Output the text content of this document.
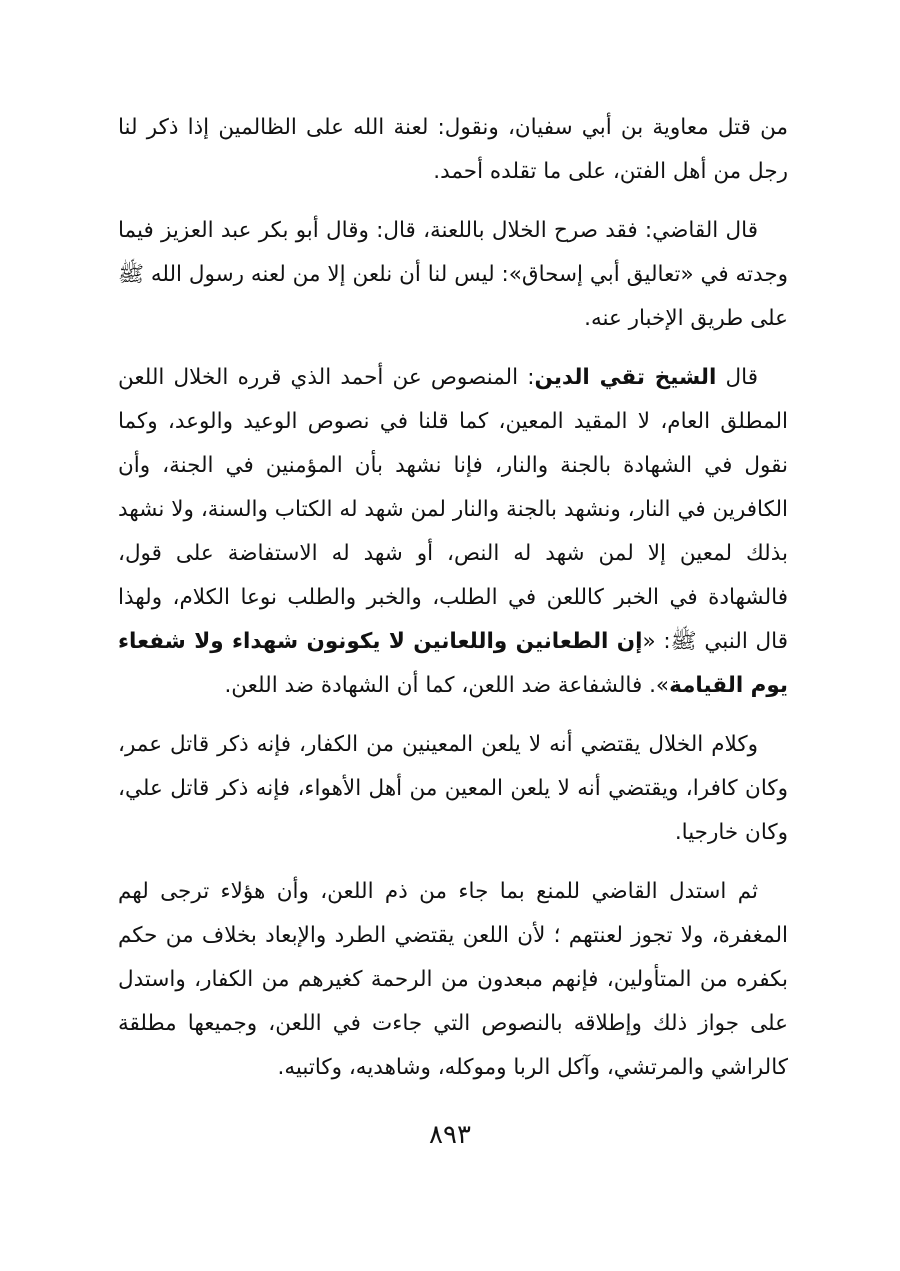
من قتل معاوية بن أبي سفيان، ونقول: لعنة الله على الظالمين إذا ذكر لنا رجل من أهل الفتن، على ما تقلده أحمد.

قال القاضي: فقد صرح الخلال باللعنة، قال: وقال أبو بكر عبد العزيز فيما وجدته في «تعاليق أبي إسحاق»: ليس لنا أن نلعن إلا من لعنه رسول الله ﷺ على طريق الإخبار عنه.

قال الشيخ تقي الدين: المنصوص عن أحمد الذي قرره الخلال اللعن المطلق العام، لا المقيد المعين، كما قلنا في نصوص الوعيد والوعد، وكما نقول في الشهادة بالجنة والنار، فإنا نشهد بأن المؤمنين في الجنة، وأن الكافرين في النار، ونشهد بالجنة والنار لمن شهد له الكتاب والسنة، ولا نشهد بذلك لمعين إلا لمن شهد له النص، أو شهد له الاستفاضة على قول، فالشهادة في الخبر كاللعن في الطلب، والخبر والطلب نوعا الكلام، ولهذا قال النبي ﷺ: «إن الطعانين واللعانين لا يكونون شهداء ولا شفعاء يوم القيامة». فالشفاعة ضد اللعن، كما أن الشهادة ضد اللعن.

وكلام الخلال يقتضي أنه لا يلعن المعينين من الكفار، فإنه ذكر قاتل عمر، وكان كافرا، ويقتضي أنه لا يلعن المعين من أهل الأهواء، فإنه ذكر قاتل علي، وكان خارجيا.

ثم استدل القاضي للمنع بما جاء من ذم اللعن، وأن هؤلاء ترجى لهم المغفرة، ولا تجوز لعنتهم ؛ لأن اللعن يقتضي الطرد والإبعاد بخلاف من حكم بكفره من المتأولين، فإنهم مبعدون من الرحمة كغيرهم من الكفار، واستدل على جواز ذلك وإطلاقه بالنصوص التي جاءت في اللعن، وجميعها مطلقة كالراشي والمرتشي، وآكل الربا وموكله، وشاهديه، وكاتبيه.

٨٩٣
